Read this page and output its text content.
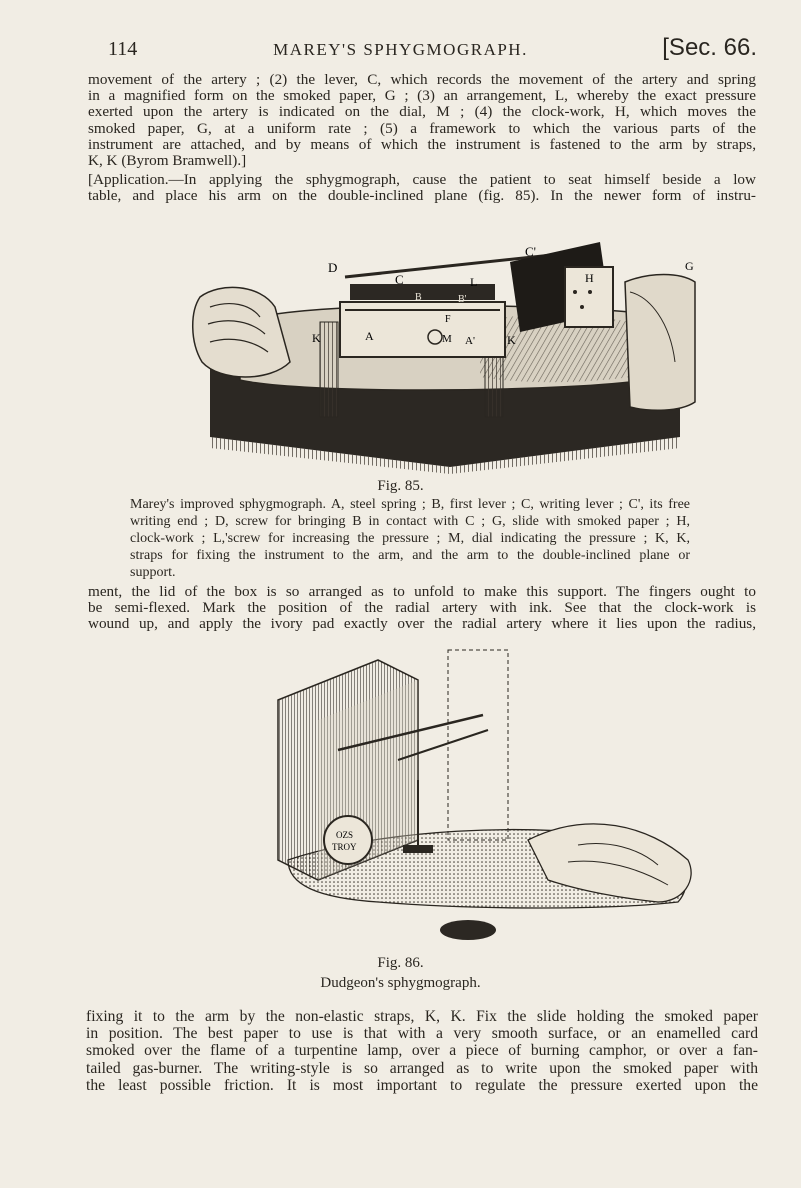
114	MAREY'S SPHYGMOGRAPH.	[Sec. 66.
movement of the artery ; (2) the lever, C, which records the movement of the artery and spring
in a magnified form on the smoked paper, G ; (3) an arrangement, L, whereby the exact pressure
exerted upon the artery is indicated on the dial, M ; (4) the clock-work, H, which moves the
smoked paper, G, at a uniform rate ; (5) a framework to which the various parts of the
instrument are attached, and by means of which the instrument is fastened to the arm by straps,
K, K (Byrom Bramwell).]
[Application.—In applying the sphygmograph, cause the patient to seat himself beside a low
table, and place his arm on the double-inclined plane (fig. 85). In the newer form of instru-
C'
D
C	L
B	B'
H
G
F
K	A	M A'	K
Fig. 85.
Marey's improved sphygmograph. A, steel spring ; B, first lever ; C, writing lever ; C', its free
writing end ; D, screw for bringing B in contact with C ; G, slide with smoked paper ; H,
clock-work ; L,'screw for increasing the pressure ; M, dial indicating the pressure ; K, K,
straps for fixing the instrument to the arm, and the arm to the double-inclined plane or
support.
ment, the lid of the box is so arranged as to unfold to make this support. The fingers ought to
be semi-flexed. Mark the position of the radial artery with ink. See that the clock-work is
wound up, and apply the ivory pad exactly over the radial artery where it lies upon the radius,
OZS
TROY
Fig. 86.
Dudgeon's sphygmograph.
fixing it to the arm by the non-elastic straps, K, K. Fix the slide holding the smoked paper
in position. The best paper to use is that with a very smooth surface, or an enamelled card
smoked over the flame of a turpentine lamp, over a piece of burning camphor, or over a fan-
tailed gas-burner. The writing-style is so arranged as to write upon the smoked paper with
the least possible friction. It is most important to regulate the pressure exerted upon the
